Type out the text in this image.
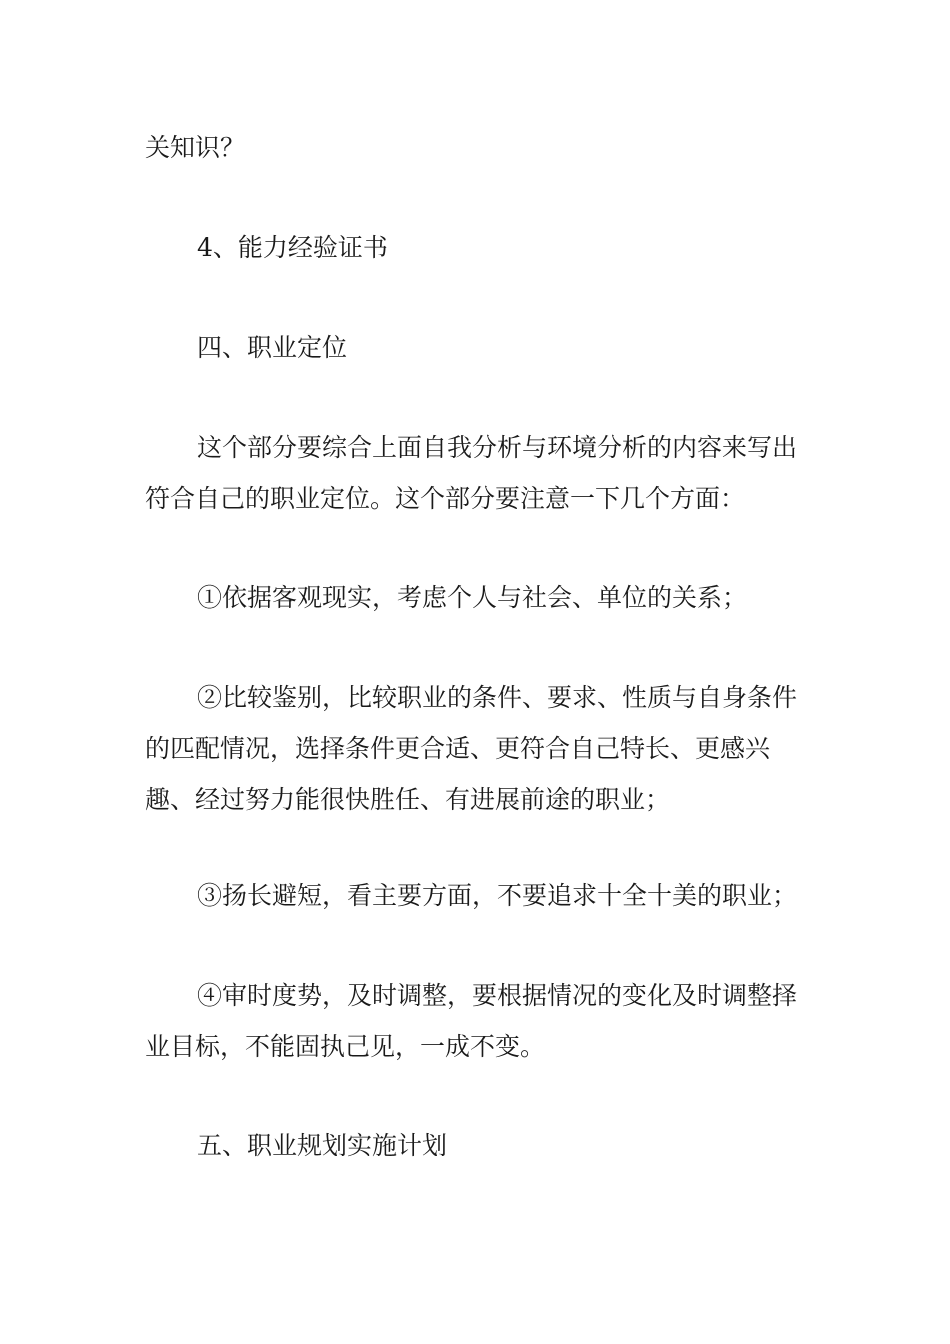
关知识？

4、能力经验证书

四、职业定位

这个部分要综合上面自我分析与环境分析的内容来写出符合自己的职业定位。这个部分要注意一下几个方面：

①依据客观现实，考虑个人与社会、单位的关系；

②比较鉴别，比较职业的条件、要求、性质与自身条件的匹配情况，选择条件更合适、更符合自己特长、更感兴趣、经过努力能很快胜任、有进展前途的职业；

③扬长避短，看主要方面，不要追求十全十美的职业；

④审时度势，及时调整，要根据情况的变化及时调整择业目标，不能固执己见，一成不变。

五、职业规划实施计划
